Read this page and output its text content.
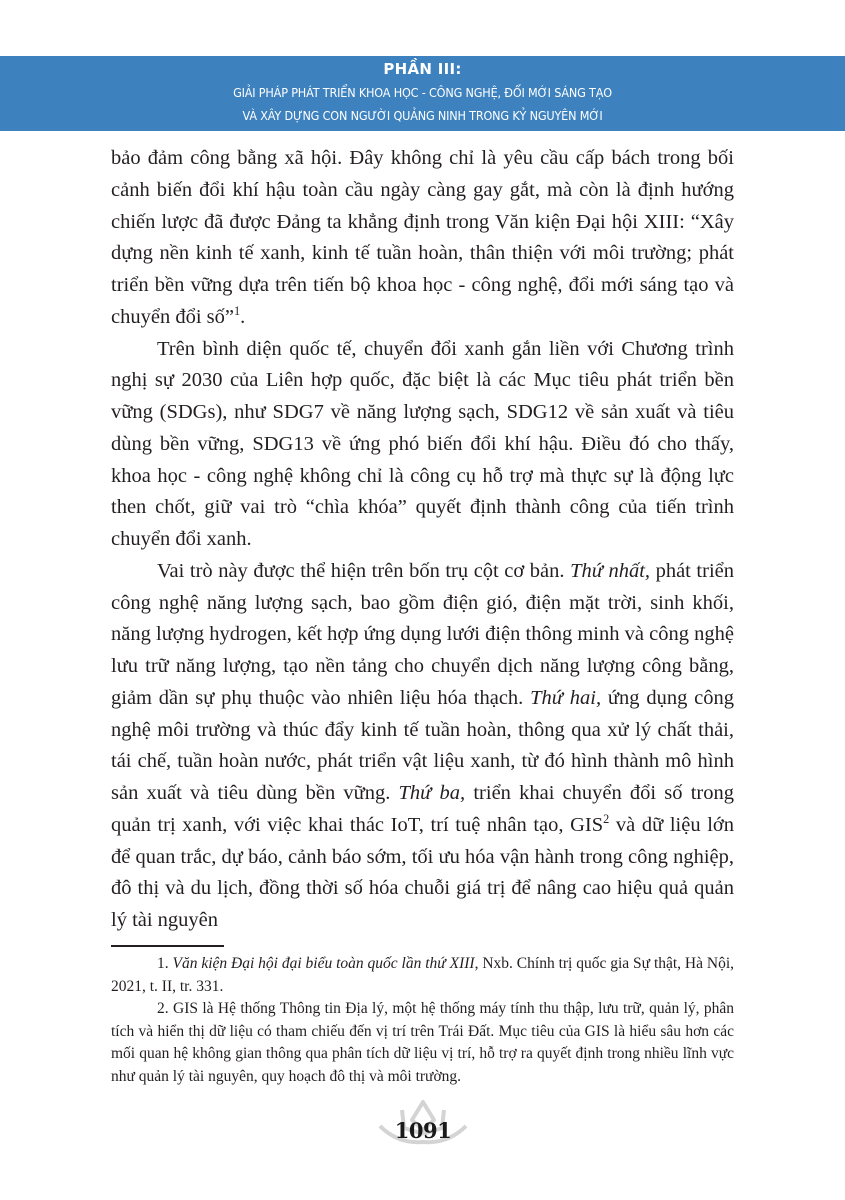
PHẦN III:
GIẢI PHÁP PHÁT TRIỂN KHOA HỌC - CÔNG NGHỆ, ĐỔI MỚI SÁNG TẠO
VÀ XÂY DỰNG CON NGƯỜI QUẢNG NINH TRONG KỶ NGUYÊN MỚI

bảo đảm công bằng xã hội. Đây không chỉ là yêu cầu cấp bách trong bối cảnh biến đổi khí hậu toàn cầu ngày càng gay gắt, mà còn là định hướng chiến lược đã được Đảng ta khẳng định trong Văn kiện Đại hội XIII: “Xây dựng nền kinh tế xanh, kinh tế tuần hoàn, thân thiện với môi trường; phát triển bền vững dựa trên tiến bộ khoa học - công nghệ, đổi mới sáng tạo và chuyển đổi số”$^1$.

Trên bình diện quốc tế, chuyển đổi xanh gắn liền với Chương trình nghị sự 2030 của Liên hợp quốc, đặc biệt là các Mục tiêu phát triển bền vững (SDGs), như SDG7 về năng lượng sạch, SDG12 về sản xuất và tiêu dùng bền vững, SDG13 về ứng phó biến đổi khí hậu. Điều đó cho thấy, khoa học - công nghệ không chỉ là công cụ hỗ trợ mà thực sự là động lực then chốt, giữ vai trò “chìa khóa” quyết định thành công của tiến trình chuyển đổi xanh.

Vai trò này được thể hiện trên bốn trụ cột cơ bản. Thứ nhất, phát triển công nghệ năng lượng sạch, bao gồm điện gió, điện mặt trời, sinh khối, năng lượng hydrogen, kết hợp ứng dụng lưới điện thông minh và công nghệ lưu trữ năng lượng, tạo nền tảng cho chuyển dịch năng lượng công bằng, giảm dần sự phụ thuộc vào nhiên liệu hóa thạch. Thứ hai, ứng dụng công nghệ môi trường và thúc đẩy kinh tế tuần hoàn, thông qua xử lý chất thải, tái chế, tuần hoàn nước, phát triển vật liệu xanh, từ đó hình thành mô hình sản xuất và tiêu dùng bền vững. Thứ ba, triển khai chuyển đổi số trong quản trị xanh, với việc khai thác IoT, trí tuệ nhân tạo, GIS$^2$ và dữ liệu lớn để quan trắc, dự báo, cảnh báo sớm, tối ưu hóa vận hành trong công nghiệp, đô thị và du lịch, đồng thời số hóa chuỗi giá trị để nâng cao hiệu quả quản lý tài nguyên

1. Văn kiện Đại hội đại biểu toàn quốc lần thứ XIII, Nxb. Chính trị quốc gia Sự thật, Hà Nội, 2021, t. II, tr. 331.

2. GIS là Hệ thống Thông tin Địa lý, một hệ thống máy tính thu thập, lưu trữ, quản lý, phân tích và hiển thị dữ liệu có tham chiếu đến vị trí trên Trái Đất. Mục tiêu của GIS là hiểu sâu hơn các mối quan hệ không gian thông qua phân tích dữ liệu vị trí, hỗ trợ ra quyết định trong nhiều lĩnh vực như quản lý tài nguyên, quy hoạch đô thị và môi trường.

1091
